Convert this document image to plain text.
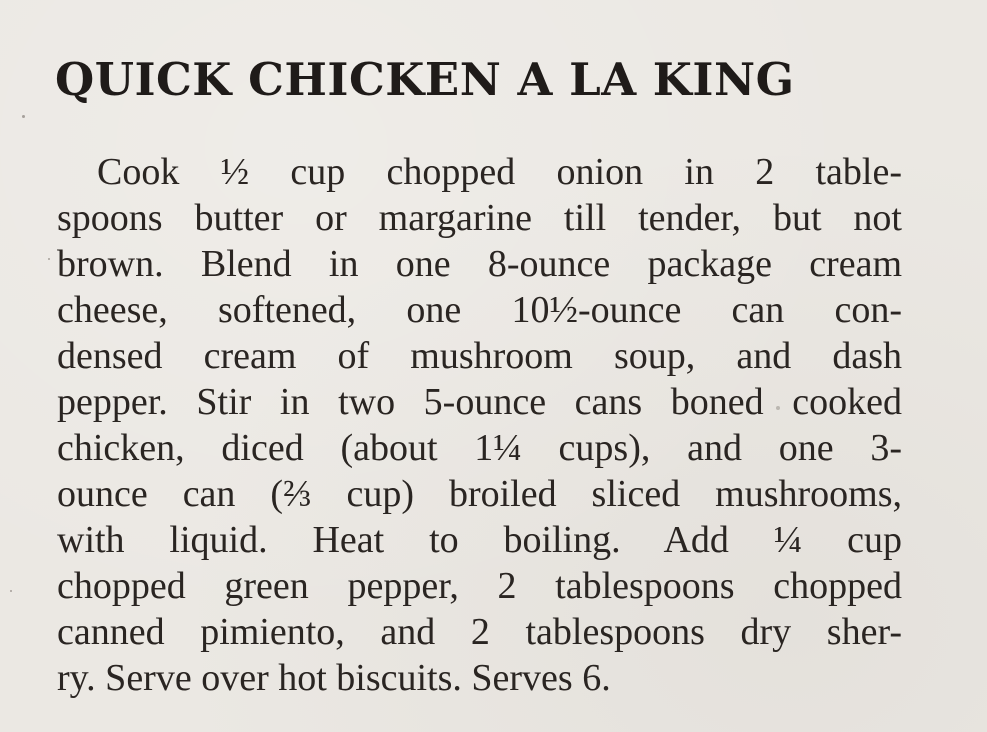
QUICK CHICKEN A LA KING
Cook ½ cup chopped onion in 2 table-
spoons butter or margarine till tender, but not
brown. Blend in one 8-ounce package cream
cheese, softened, one 10½-ounce can con-
densed cream of mushroom soup, and dash
pepper. Stir in two 5-ounce cans boned cooked
chicken, diced (about 1¼ cups), and one 3-
ounce can (⅔ cup) broiled sliced mushrooms,
with liquid. Heat to boiling. Add ¼ cup
chopped green pepper, 2 tablespoons chopped
canned pimiento, and 2 tablespoons dry sher-
ry. Serve over hot biscuits. Serves 6.
